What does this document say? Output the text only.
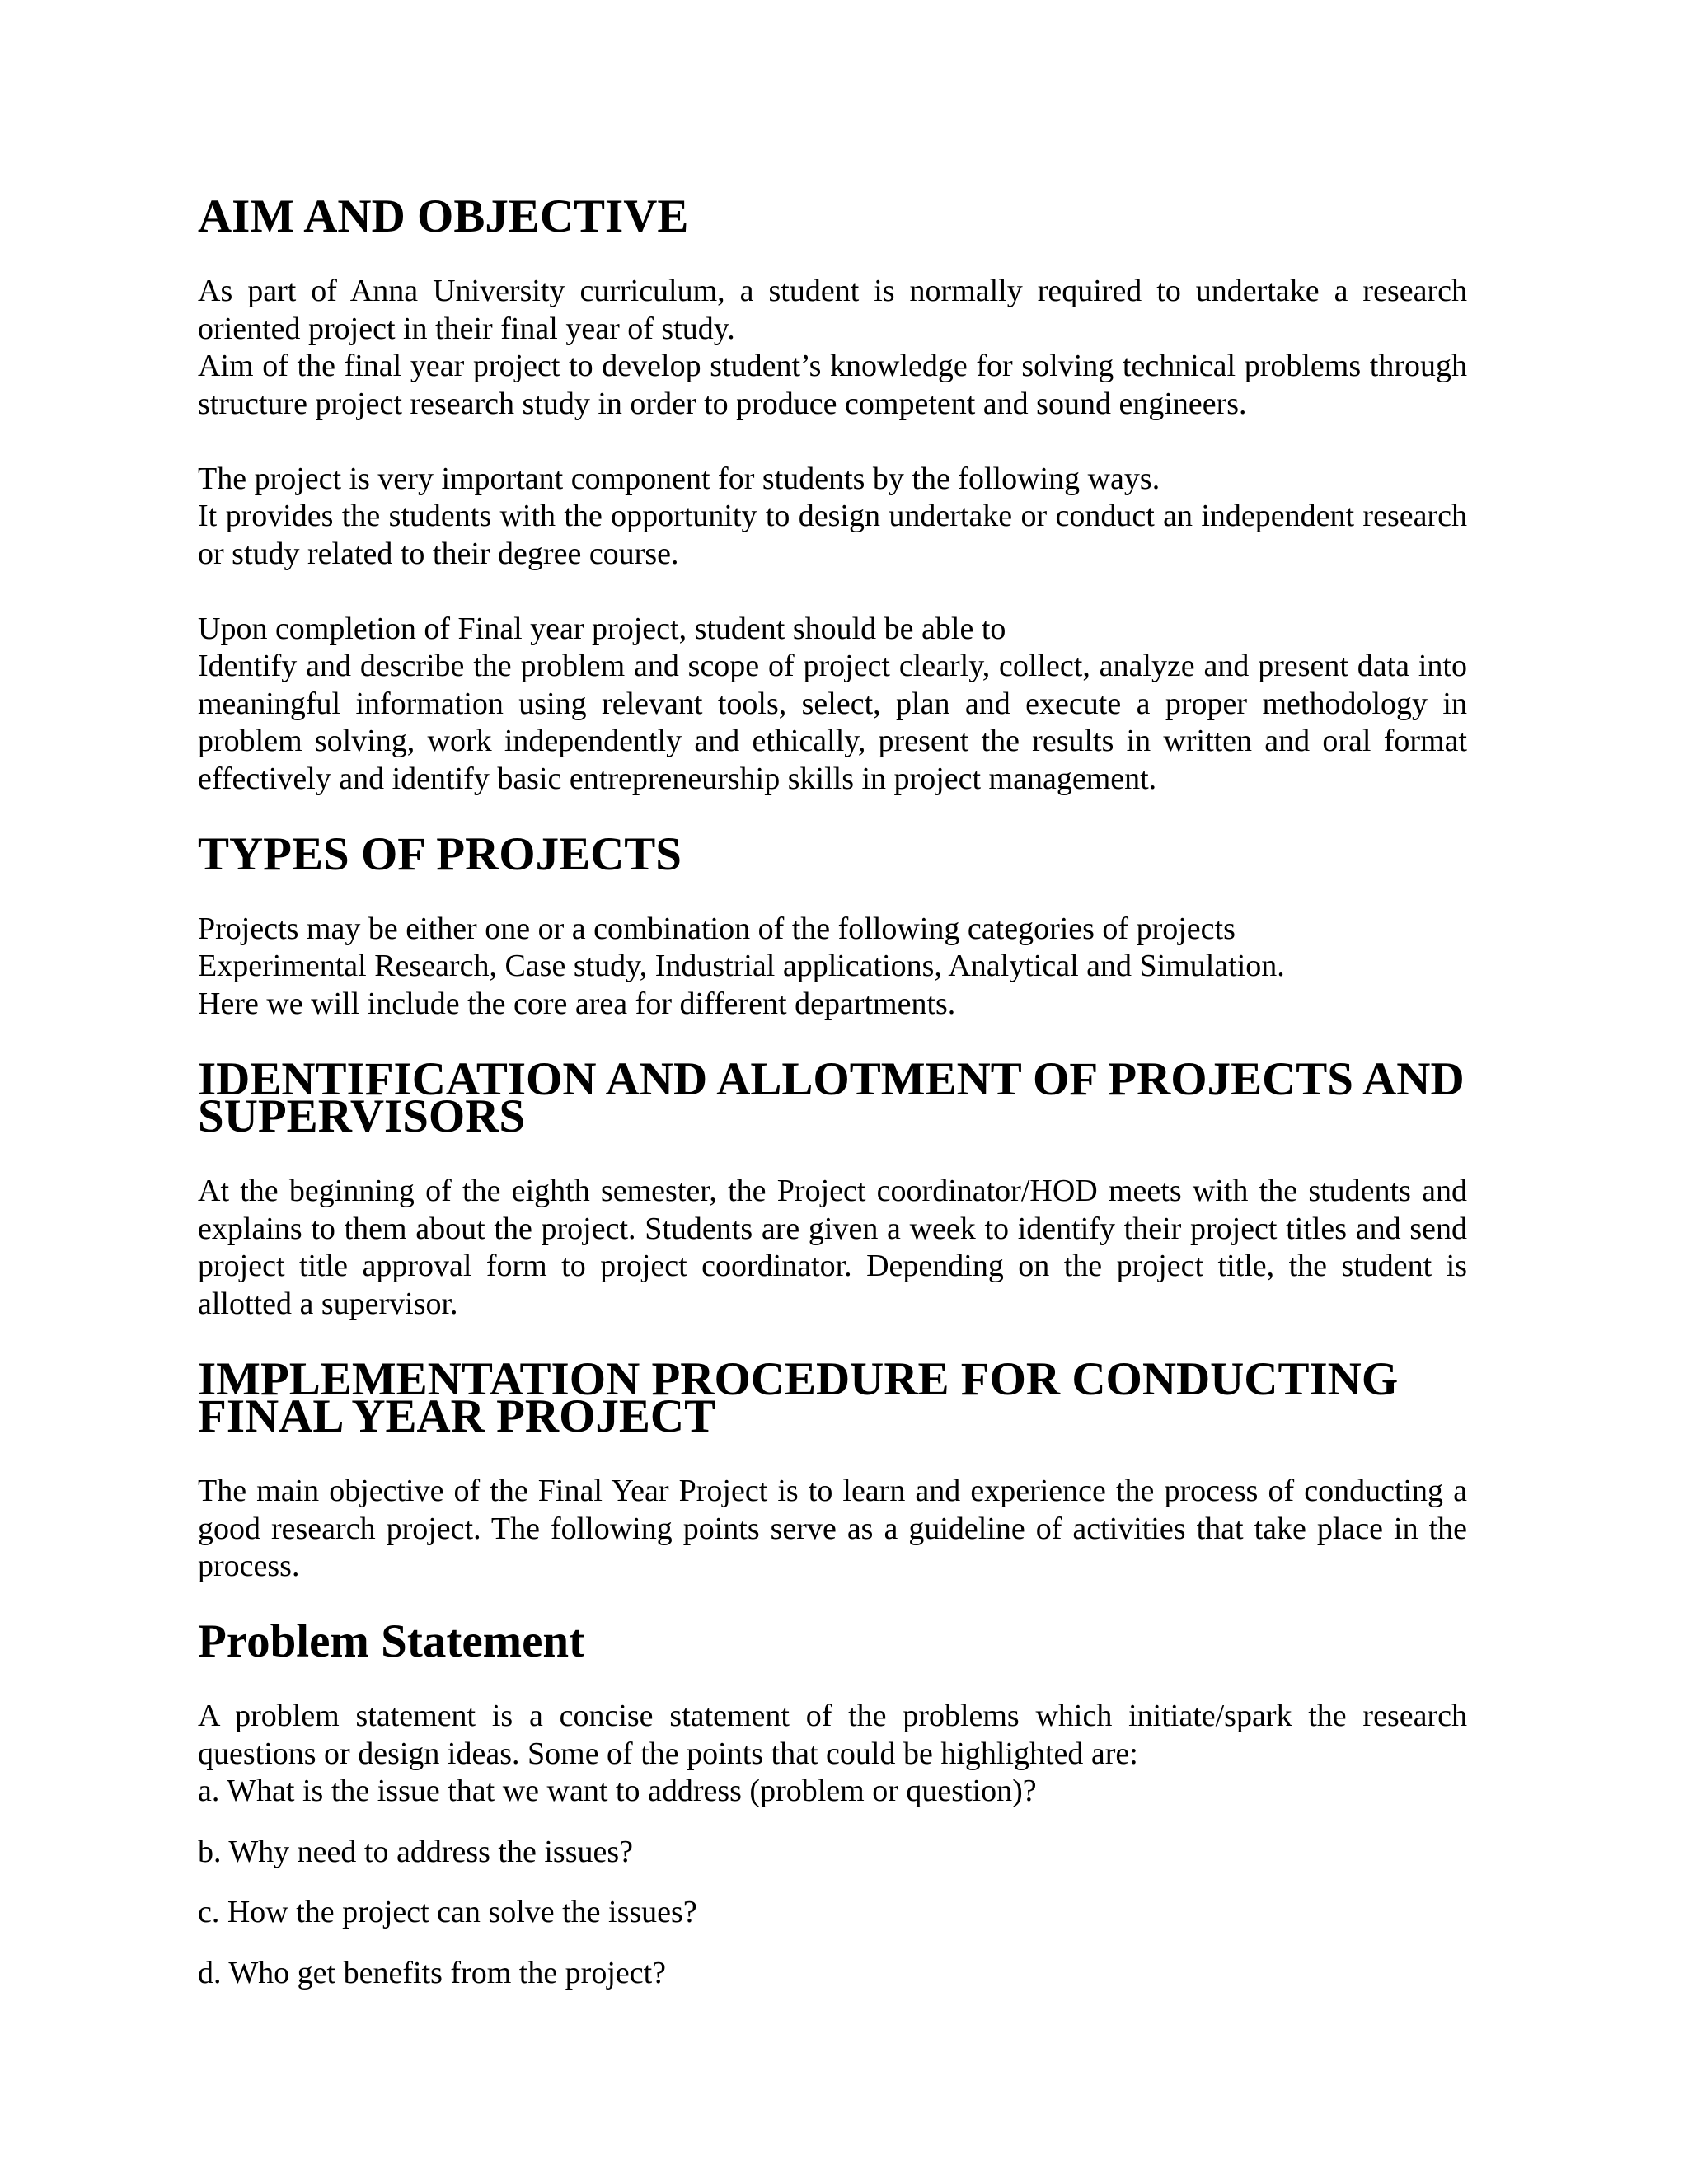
AIM AND OBJECTIVE

As part of Anna University curriculum, a student is normally required to undertake a research oriented project in their final year of study.

Aim of the final year project to develop student’s knowledge for solving technical problems through structure project research study in order to produce competent and sound engineers.

The project is very important component for students by the following ways.

It provides the students with the opportunity to design undertake or conduct an independent research or study related to their degree course.

Upon completion of Final year project, student should be able to

Identify and describe the problem and scope of project clearly, collect, analyze and present data into meaningful information using relevant tools, select, plan and execute a proper methodology in problem solving, work independently and ethically, present the results in written and oral format effectively and identify basic entrepreneurship skills in project management.

TYPES OF PROJECTS

Projects may be either one or a combination of the following categories of projects

Experimental Research, Case study, Industrial applications, Analytical and Simulation.

Here we will include the core area for different departments.

IDENTIFICATION AND ALLOTMENT OF PROJECTS AND SUPERVISORS

At the beginning of the eighth semester, the Project coordinator/HOD meets with the students and explains to them about the project. Students are given a week to identify their project titles and send project title approval form to project coordinator. Depending on the project title, the student is allotted a supervisor.

IMPLEMENTATION PROCEDURE FOR CONDUCTING FINAL YEAR PROJECT

The main objective of the Final Year Project is to learn and experience the process of conducting a good research project. The following points serve as a guideline of activities that take place in the process.

Problem Statement

A problem statement is a concise statement of the problems which initiate/spark the research questions or design ideas. Some of the points that could be highlighted are:

a. What is the issue that we want to address (problem or question)?
b. Why need to address the issues?
c. How the project can solve the issues?
d. Who get benefits from the project?
